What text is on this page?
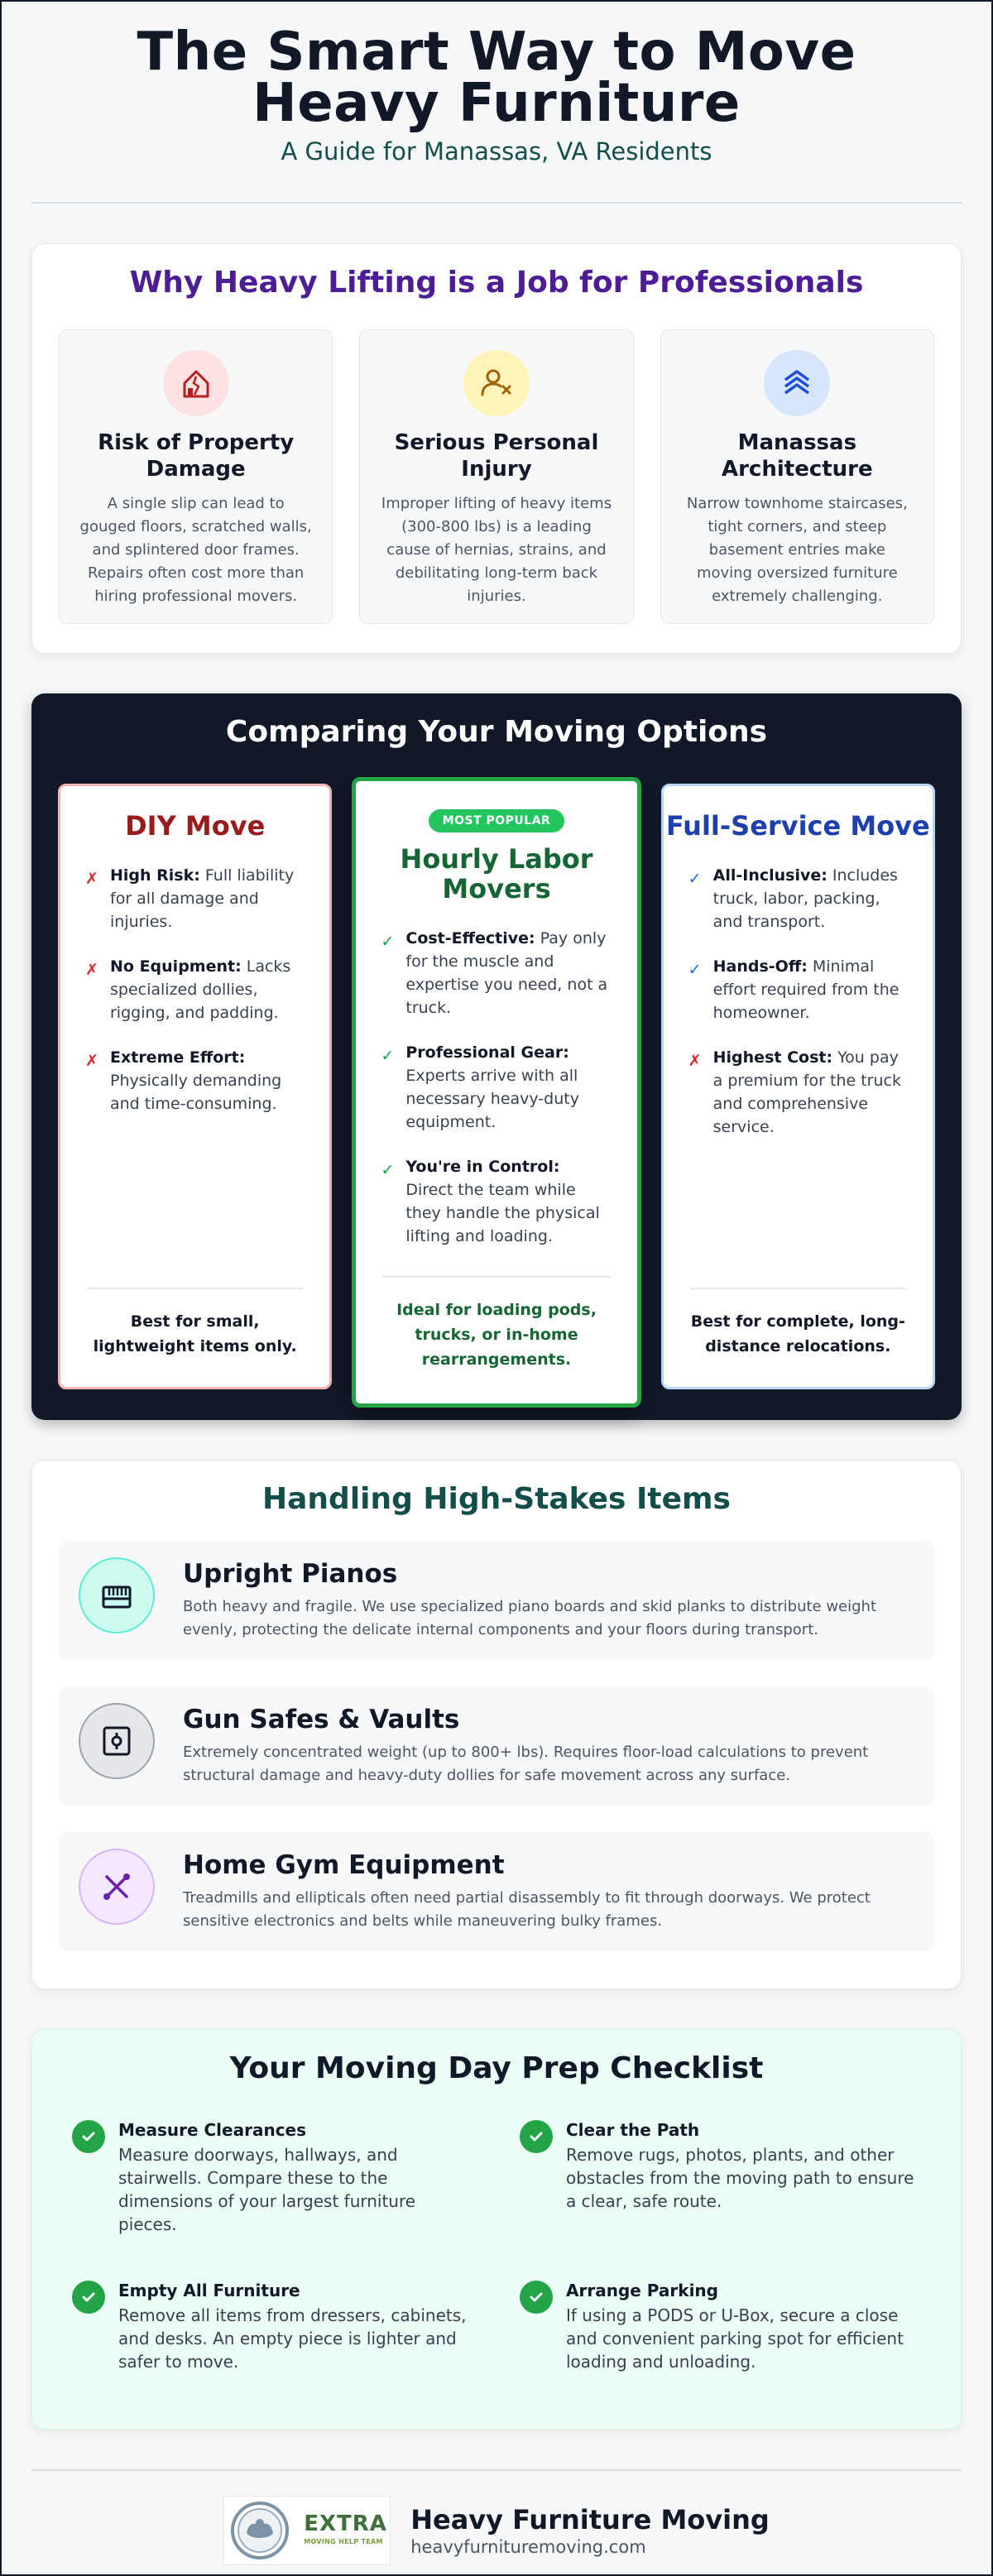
The Smart Way to Move Heavy Furniture
A Guide for Manassas, VA Residents
Why Heavy Lifting is a Job for Professionals
Risk of Property Damage

A single slip can lead to gouged floors, scratched walls, and splintered door frames. Repairs often cost more than hiring professional movers.

Serious Personal Injury

Improper lifting of heavy items (300-800 lbs) is a leading cause of hernias, strains, and debilitating long-term back injuries.

Manassas Architecture

Narrow townhome staircases, tight corners, and steep basement entries make moving oversized furniture extremely challenging.

Comparing Your Moving Options
DIY Move
✗ High Risk: Full liability for all damage and injuries.
✗ No Equipment: Lacks specialized dollies, rigging, and padding.
✗ Extreme Effort: Physically demanding and time-consuming.
Best for small, lightweight items only.
MOST POPULAR
Hourly Labor Movers
✓ Cost-Effective: Pay only for the muscle and expertise you need, not a truck.
✓ Professional Gear: Experts arrive with all necessary heavy-duty equipment.
✓ You're in Control: Direct the team while they handle the physical lifting and loading.
Ideal for loading pods, trucks, or in-home rearrangements.
Full-Service Move
✓ All-Inclusive: Includes truck, labor, packing, and transport.
✓ Hands-Off: Minimal effort required from the homeowner.
✗ Highest Cost: You pay a premium for the truck and comprehensive service.
Best for complete, long-distance relocations.
Handling High-Stakes Items
Upright Pianos

Both heavy and fragile. We use specialized piano boards and skid planks to distribute weight evenly, protecting the delicate internal components and your floors during transport.

Gun Safes & Vaults

Extremely concentrated weight (up to 800+ lbs). Requires floor-load calculations to prevent structural damage and heavy-duty dollies for safe movement across any surface.

Home Gym Equipment

Treadmills and ellipticals often need partial disassembly to fit through doorways. We protect sensitive electronics and belts while maneuvering bulky frames.

Your Moving Day Prep Checklist
Measure Clearances

Measure doorways, hallways, and stairwells. Compare these to the dimensions of your largest furniture pieces.

Clear the Path

Remove rugs, photos, plants, and other obstacles from the moving path to ensure a clear, safe route.

Empty All Furniture

Remove all items from dressers, cabinets, and desks. An empty piece is lighter and safer to move.

Arrange Parking

If using a PODS or U-Box, secure a close and convenient parking spot for efficient loading and unloading.

EXTRA
MOVING HELP TEAM
Heavy Furniture Moving
heavyfurnituremoving.com
